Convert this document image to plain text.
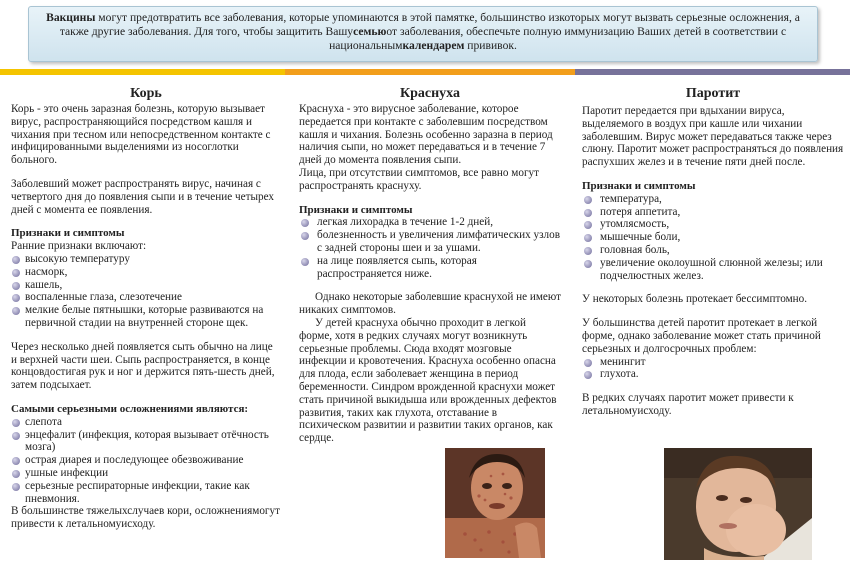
Вакцины могут предотвратить все заболевания, которые упоминаются в этой памятке, большинство изкоторых могут вызвать серьезные осложнения, а также другие заболевания. Для того, чтобы защитить Вашусемьюот заболевания, обеспечьте полную иммунизацию Ваших детей в соответствии с национальнымкалендарем прививок.
Корь

Корь - это очень заразная болезнь, которую вызывает вирус, распространяющийся посредством кашля и чихания при тесном или непосредственном контакте с инфицированными выделениями из носоглотки больного.

Заболевший может распространять вирус, начиная с четвертого дня до появления сыпи и в течение четырех дней с момента ее появления.

Признаки и симптомы

Ранние признаки включают:

высокую температуру
насморк,
кашель,
воспаленные глаза, слезотечение
мелкие белые пятнышки, которые развиваются на первичной стадии на внутренней стороне щек.

Через несколько дней появляется сыть обычно на лице и верхней части шеи. Сыпь распространяется, в конце концовдостигая рук и ног и держится пять-шесть дней, затем подсыхает.

Самыми серьезными осложнениями являются:
слепота
энцефалит (инфекция, которая вызывает отёчность мозга)
острая диарея и последующее обезвоживание
ушные инфекции
серьезные респираторные инфекции, такие как пневмония.

В большинстве тяжелыхслучаев кори, осложнениямогут привести к летальномуисходу.

Краснуха

Краснуха - это вирусное заболевание, которое передается при контакте с заболевшим посредством кашля и чихания. Болезнь особенно заразна в период наличия сыпи, но может передаваться и в течение 7 дней до момента появления сыпи.

Лица, при отсутствии симптомов, все равно могут распространять краснуху.

Признаки и симптомы
легкая лихорадка в течение 1-2 дней,
болезненность и увеличения лимфатических узлов с задней стороны шеи и за ушами.
на лице появляется сыпь, которая распространяется ниже.

Однако некоторые заболевшие краснухой не имеют никаких симптомов.

У детей краснуха обычно проходит в легкой форме, хотя в редких случаях могут возникнуть серьезные проблемы. Сюда входят мозговые инфекции и кровотечения. Краснуха особенно опасна для плода, если заболевает женщина в период беременности. Синдром врожденной краснухи может стать причиной выкидыша или врожденных дефектов развития, таких как глухота, отставание в психическом развитии и развитии таких органов, как сердце.

Паротит

Паротит передается при вдыхании вируса, выделяемого в воздух при кашле или чихании заболевшим. Вирус может передаваться также через слюну. Паротит может распространяться до появления распухших желез и в течение пяти дней после.

Признаки и симптомы
температура,
потеря аппетита,
утомлясмость,
мышечные боли,
головная боль,
увеличение околоушной слюнной железы; или подчелюстных желез.

У некоторых болезнь протекает бессимптомно.

У большинства детей паротит протекает в легкой форме, однако заболевание может стать причиной серьезных и долгосрочных проблем:

менингит
глухота.

В редких случаях паротит может привести к летальномуисходу.
